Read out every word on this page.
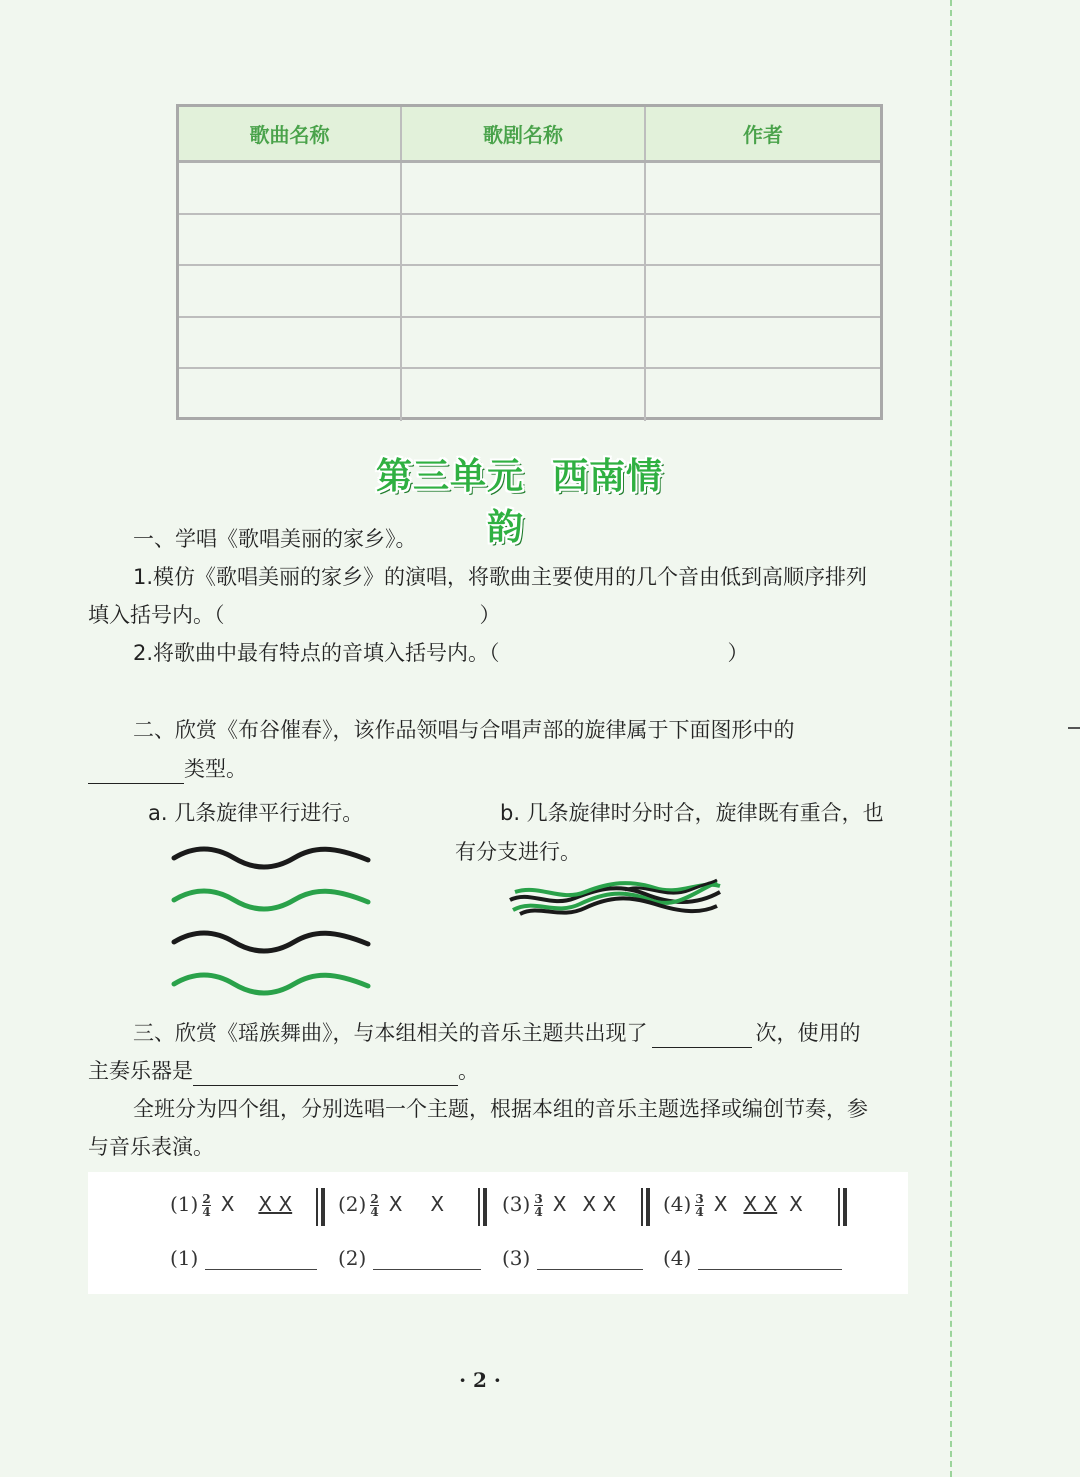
歌曲名称	歌剧名称	作者
第三单元 西南情韵
一、学唱《歌唱美丽的家乡》。
1.模仿《歌唱美丽的家乡》的演唱，将歌曲主要使用的几个音由低到高顺序排列
填入括号内。（	）
2.将歌曲中最有特点的音填入括号内。（	）
二、欣赏《布谷催春》，该作品领唱与合唱声部的旋律属于下面图形中的
类型。
a. 几条旋律平行进行。	b. 几条旋律时分时合，旋律既有重合，也
有分支进行。
三、欣赏《瑶族舞曲》，与本组相关的音乐主题共出现了	次，使用的
主奏乐器是	。
全班分为四个组，分别选唱一个主题，根据本组的音乐主题选择或编创节奏，参
与音乐表演。
$(1) \frac{2}{4}$ X X X	$(2) \frac{2}{4}$ X X	$(3) \frac{3}{4}$ X X X	$(4) \frac{3}{4}$ X X X X
(1)	(2)	(3)	(4)
· 2 ·
